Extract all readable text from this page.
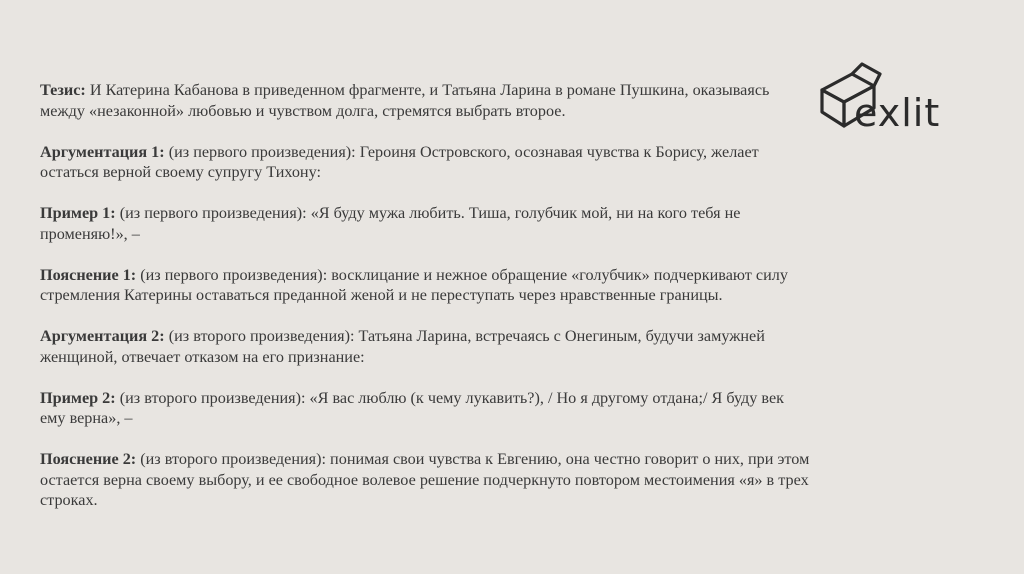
Тезис: И Катерина Кабанова в приведенном фрагменте, и Татьяна Ларина в романе Пушкина, оказываясь между «незаконной» любовью и чувством долга, стремятся выбрать второе.

Аргументация 1: (из первого произведения): Героиня Островского, осознавая чувства к Борису, желает остаться верной своему супругу Тихону:

Пример 1: (из первого произведения): «Я буду мужа любить. Тиша, голубчик мой, ни на кого тебя не променяю!», –

Пояснение 1: (из первого произведения): восклицание и нежное обращение «голубчик» подчеркивают силу стремления Катерины оставаться преданной женой и не переступать через нравственные границы.

Аргументация 2: (из второго произведения): Татьяна Ларина, встречаясь с Онегиным, будучи замужней женщиной, отвечает отказом на его признание:

Пример 2: (из второго произведения): «Я вас люблю (к чему лукавить?), / Но я другому отдана;/ Я буду век ему верна», –

Пояснение 2: (из второго произведения): понимая свои чувства к Евгению, она честно говорит о них, при этом остается верна своему выбору, и ее свободное волевое решение подчеркнуто повтором местоимения «я» в трех строках.

exlit
